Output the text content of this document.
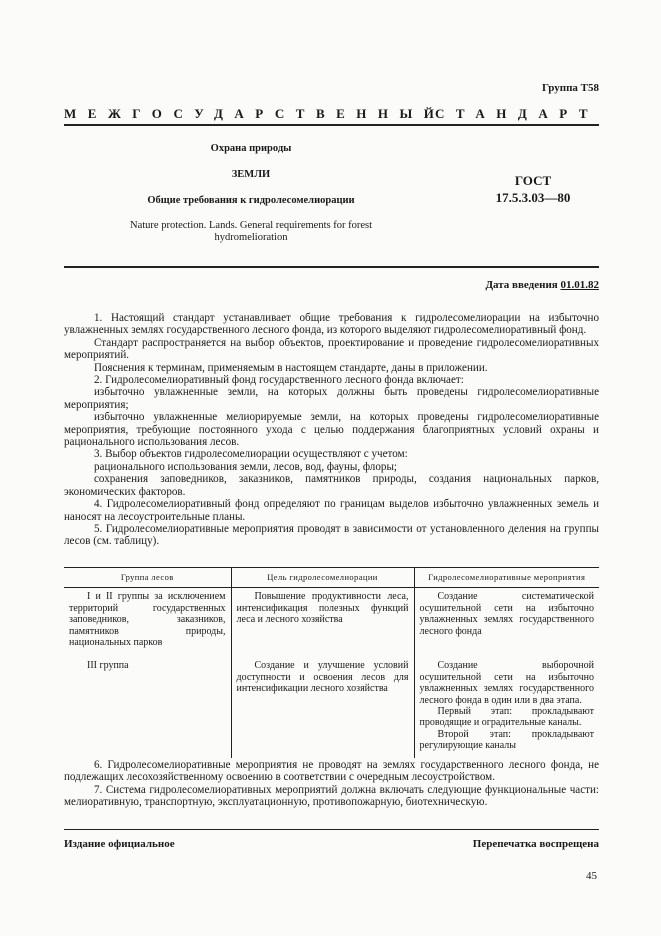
Группа Т58
МЕЖГОСУДАРСТВЕННЫЙ
СТАНДАРТ
Охрана природы
ЗЕМЛИ
Общие требования к гидролесомелиорации
Nature protection. Lands. General requirements for forest hydromelioration
ГОСТ
17.5.3.03—80
Дата введения 01.01.82

1. Настоящий стандарт устанавливает общие требования к гидролесомелиорации на избыточно увлажненных землях государственного лесного фонда, из которого выделяют гидролесомелиоративный фонд.

Стандарт распространяется на выбор объектов, проектирование и проведение гидролесомелиоративных мероприятий.

Пояснения к терминам, применяемым в настоящем стандарте, даны в приложении.

2. Гидролесомелиоративный фонд государственного лесного фонда включает:

избыточно увлажненные земли, на которых должны быть проведены гидролесомелиоративные мероприятия;

избыточно увлажненные мелиорируемые земли, на которых проведены гидролесомелиоративные мероприятия, требующие постоянного ухода с целью поддержания благоприятных условий охраны и рационального использования лесов.

3. Выбор объектов гидролесомелиорации осуществляют с учетом:

рационального использования земли, лесов, вод, фауны, флоры;

сохранения заповедников, заказников, памятников природы, создания национальных парков, экономических факторов.

4. Гидролесомелиоративный фонд определяют по границам выделов избыточно увлажненных земель и наносят на лесоустроительные планы.

5. Гидролесомелиоративные мероприятия проводят в зависимости от установленного деления на группы лесов (см. таблицу).

Группа лесов	Цель гидролесомелиорации	Гидролесомелиоративные мероприятия

I и II группы за исключением территорий государственных заповедников, заказников, памятников природы, национальных парков	Повышение продуктивности леса, интенсификация полезных функций леса и лесного хозяйства	Создание систематической осушительной сети на избыточно увлажненных землях государственного лесного фонда

III группа	Создание и улучшение условий доступности и освоения лесов для интенсификации лесного хозяйства	Создание выборочной осушительной сети на избыточно увлажненных землях государственного лесного фонда в один или в два этапа.

Первый этап: прокладывают проводящие и оградительные каналы.

Второй этап: прокладывают регулирующие каналы

6. Гидролесомелиоративные мероприятия не проводят на землях государственного лесного фонда, не подлежащих лесохозяйственному освоению в соответствии с очередным лесоустройством.

7. Система гидролесомелиоративных мероприятий должна включать следующие функциональные части: мелиоративную, транспортную, эксплуатационную, противопожарную, биотехническую.

Издание официальное	Перепечатка воспрещена
45
